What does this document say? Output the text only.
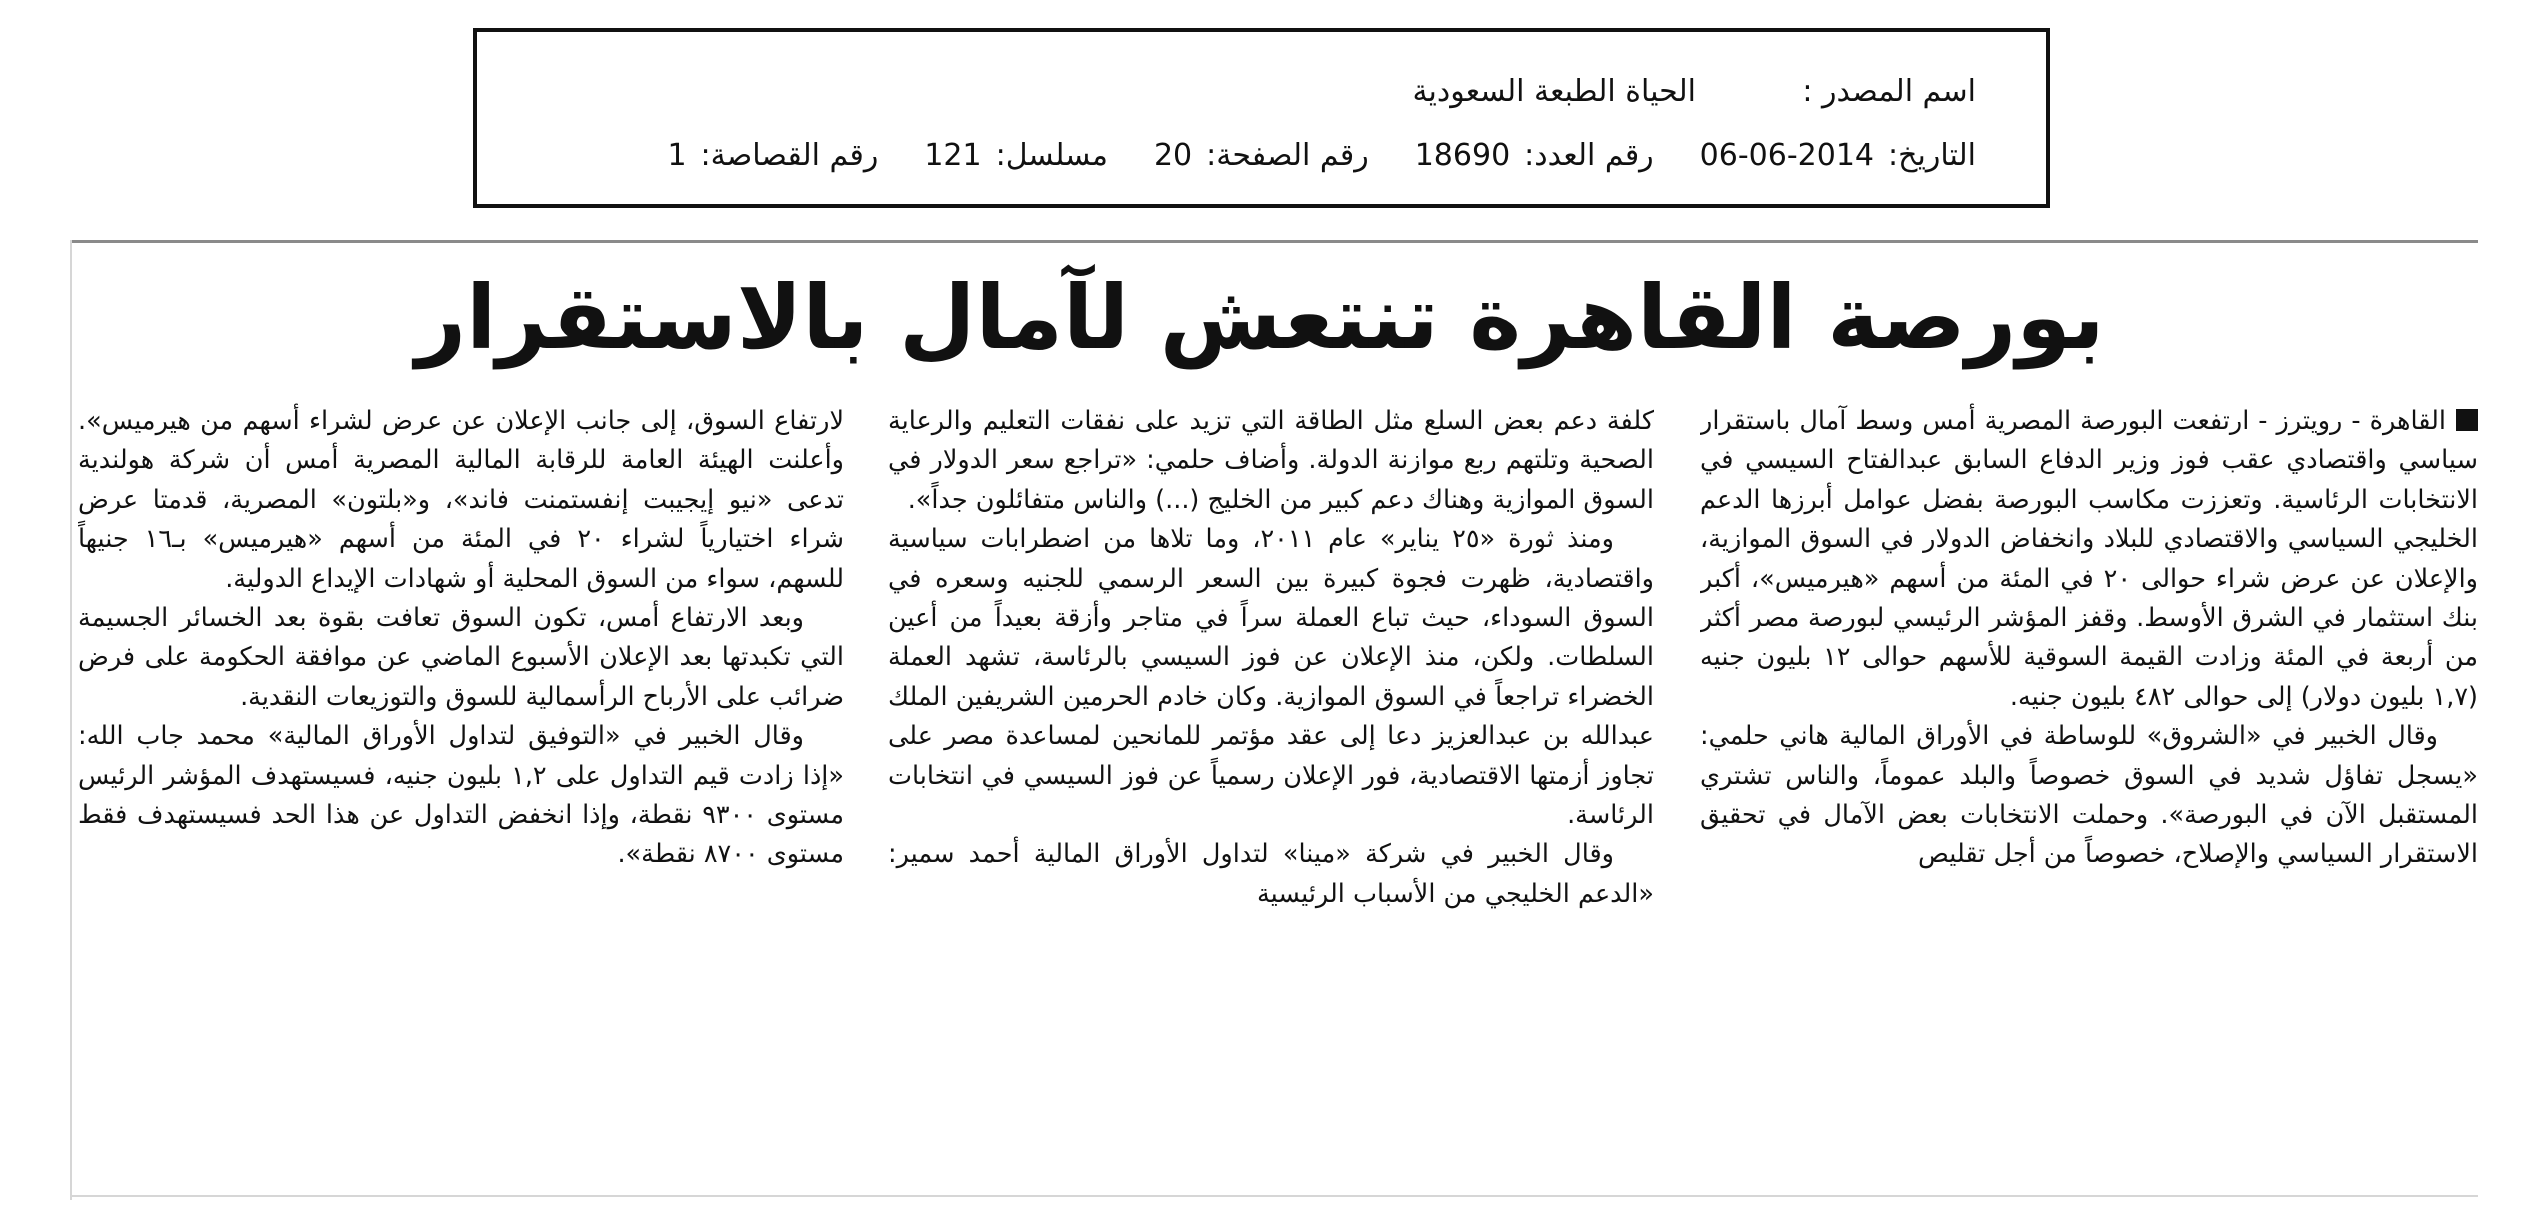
اسم المصدر :
الحياة الطبعة السعودية
التاريخ:
06-06-2014
رقم العدد:
18690
رقم الصفحة:
20
مسلسل:
121
رقم القصاصة:
1
بورصة القاهرة تنتعش لآمال بالاستقرار

القاهرة - رويترز - ارتفعت البورصة المصرية أمس وسط آمال باستقرار سياسي واقتصادي عقب فوز وزير الدفاع السابق عبدالفتاح السيسي في الانتخابات الرئاسية. وتعززت مكاسب البورصة بفضل عوامل أبرزها الدعم الخليجي السياسي والاقتصادي للبلاد وانخفاض الدولار في السوق الموازية، والإعلان عن عرض شراء حوالى ٢٠ في المئة من أسهم «هيرميس»، أكبر بنك استثمار في الشرق الأوسط. وقفز المؤشر الرئيسي لبورصة مصر أكثر من أربعة في المئة وزادت القيمة السوقية للأسهم حوالى ١٢ بليون جنيه (١,٧ بليون دولار) إلى حوالى ٤٨٢ بليون جنيه.

وقال الخبير في «الشروق» للوساطة في الأوراق المالية هاني حلمي: «يسجل تفاؤل شديد في السوق خصوصاً والبلد عموماً، والناس تشتري المستقبل الآن في البورصة». وحملت الانتخابات بعض الآمال في تحقيق الاستقرار السياسي والإصلاح، خصوصاً من أجل تقليص

كلفة دعم بعض السلع مثل الطاقة التي تزيد على نفقات التعليم والرعاية الصحية وتلتهم ربع موازنة الدولة. وأضاف حلمي: «تراجع سعر الدولار في السوق الموازية وهناك دعم كبير من الخليج (...) والناس متفائلون جداً».

ومنذ ثورة «٢٥ يناير» عام ٢٠١١، وما تلاها من اضطرابات سياسية واقتصادية، ظهرت فجوة كبيرة بين السعر الرسمي للجنيه وسعره في السوق السوداء، حيث تباع العملة سراً في متاجر وأزقة بعيداً من أعين السلطات. ولكن، منذ الإعلان عن فوز السيسي بالرئاسة، تشهد العملة الخضراء تراجعاً في السوق الموازية. وكان خادم الحرمين الشريفين الملك عبدالله بن عبدالعزيز دعا إلى عقد مؤتمر للمانحين لمساعدة مصر على تجاوز أزمتها الاقتصادية، فور الإعلان رسمياً عن فوز السيسي في انتخابات الرئاسة.

وقال الخبير في شركة «مينا» لتداول الأوراق المالية أحمد سمير: «الدعم الخليجي من الأسباب الرئيسية

لارتفاع السوق، إلى جانب الإعلان عن عرض لشراء أسهم من هيرميس». وأعلنت الهيئة العامة للرقابة المالية المصرية أمس أن شركة هولندية تدعى «نيو إيجيبت إنفستمنت فاند»، و«بلتون» المصرية، قدمتا عرض شراء اختيارياً لشراء ٢٠ في المئة من أسهم «هيرميس» بـ١٦ جنيهاً للسهم، سواء من السوق المحلية أو شهادات الإيداع الدولية.

وبعد الارتفاع أمس، تكون السوق تعافت بقوة بعد الخسائر الجسيمة التي تكبدتها بعد الإعلان الأسبوع الماضي عن موافقة الحكومة على فرض ضرائب على الأرباح الرأسمالية للسوق والتوزيعات النقدية.

وقال الخبير في «التوفيق لتداول الأوراق المالية» محمد جاب الله: «إذا زادت قيم التداول على ١,٢ بليون جنيه، فسيستهدف المؤشر الرئيس مستوى ٩٣٠٠ نقطة، وإذا انخفض التداول عن هذا الحد فسيستهدف فقط مستوى ٨٧٠٠ نقطة».
